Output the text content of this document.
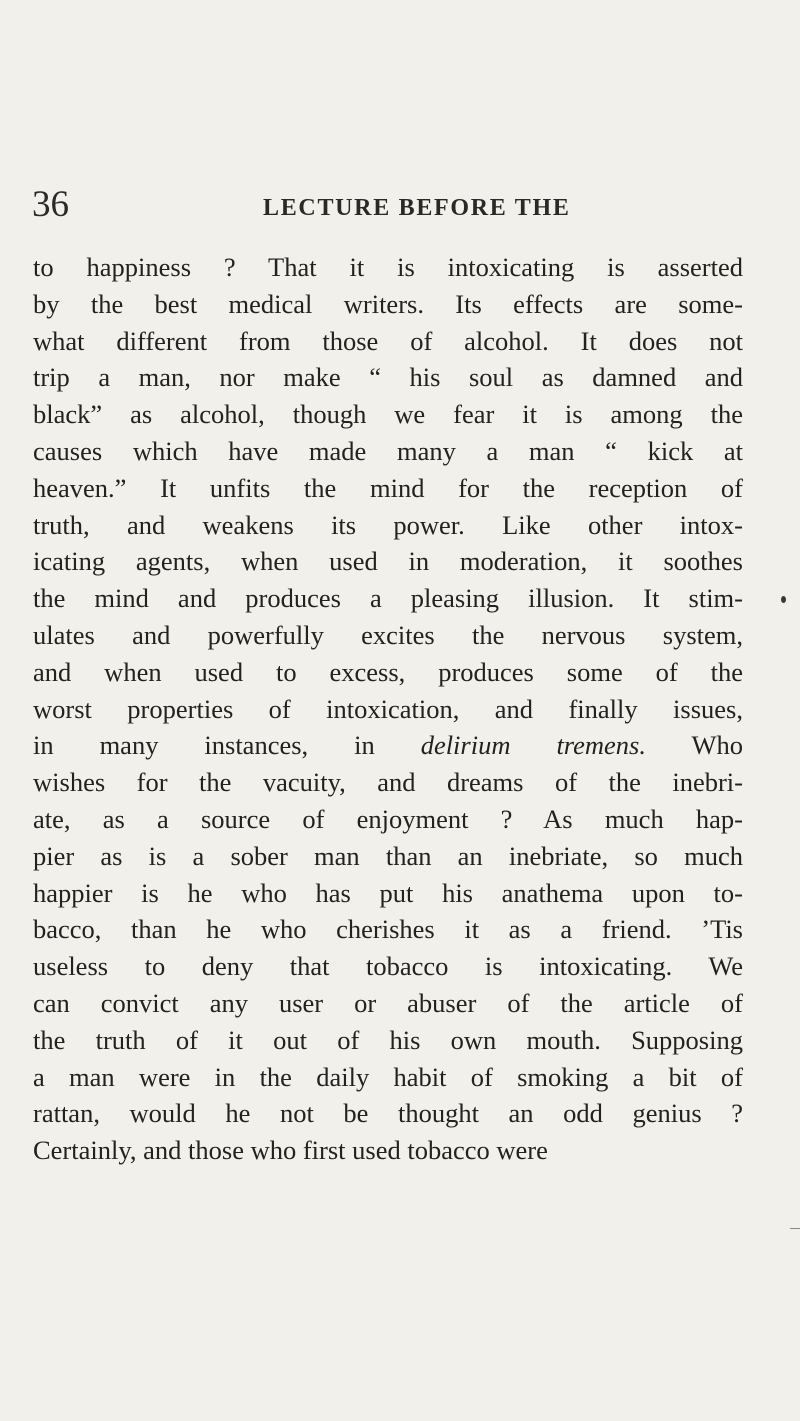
36	LECTURE BEFORE THE
to happiness ? That it is intoxicating is asserted
by the best medical writers. Its effects are some-
what different from those of alcohol. It does not
trip a man, nor make “ his soul as damned and
black” as alcohol, though we fear it is among the
causes which have made many a man “ kick at
heaven.” It unfits the mind for the reception of
truth, and weakens its power. Like other intox-
icating agents, when used in moderation, it soothes
the mind and produces a pleasing illusion. It stim-
ulates and powerfully excites the nervous system,
and when used to excess, produces some of the
worst properties of intoxication, and finally issues,
in many instances, in delirium tremens. Who
wishes for the vacuity, and dreams of the inebri-
ate, as a source of enjoyment ? As much hap-
pier as is a sober man than an inebriate, so much
happier is he who has put his anathema upon to-
bacco, than he who cherishes it as a friend. ’Tis
useless to deny that tobacco is intoxicating. We
can convict any user or abuser of the article of
the truth of it out of his own mouth. Supposing
a man were in the daily habit of smoking a bit of
rattan, would he not be thought an odd genius ?
Certainly, and those who first used tobacco were
